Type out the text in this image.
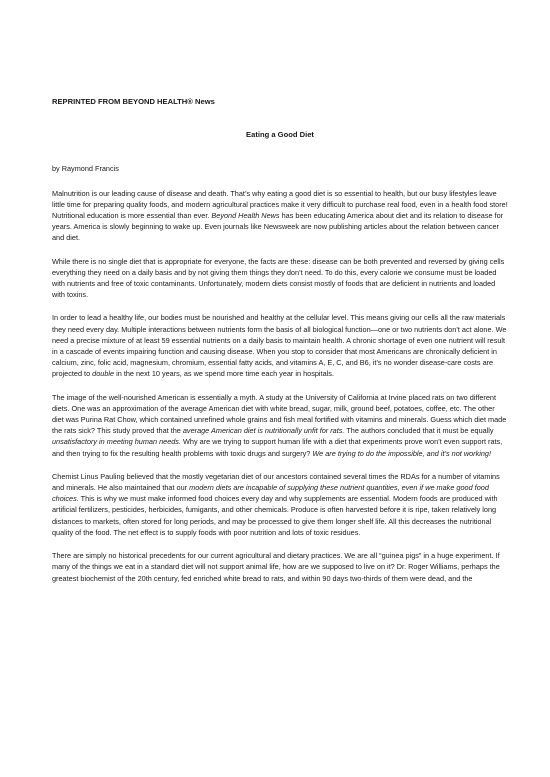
REPRINTED FROM BEYOND HEALTH® News
Eating a Good Diet
by Raymond Francis

Malnutrition is our leading cause of disease and death. That’s why eating a good diet is so essential to health, but our busy lifestyles leave little time for preparing quality foods, and modern agricultural practices make it very difficult to purchase real food, even in a health food store! Nutritional education is more essential than ever. Beyond Health News has been educating America about diet and its relation to disease for years. America is slowly beginning to wake up. Even journals like Newsweek are now publishing articles about the relation between cancer and diet.

While there is no single diet that is appropriate for everyone, the facts are these: disease can be both prevented and reversed by giving cells everything they need on a daily basis and by not giving them things they don’t need. To do this, every calorie we consume must be loaded with nutrients and free of toxic contaminants. Unfortunately, modern diets consist mostly of foods that are deficient in nutrients and loaded with toxins.

In order to lead a healthy life, our bodies must be nourished and healthy at the cellular level. This means giving our cells all the raw materials they need every day. Multiple interactions between nutrients form the basis of all biological function—one or two nutrients don’t act alone. We need a precise mixture of at least 59 essential nutrients on a daily basis to maintain health. A chronic shortage of even one nutrient will result in a cascade of events impairing function and causing disease. When you stop to consider that most Americans are chronically deficient in calcium, zinc, folic acid, magnesium, chromium, essential fatty acids, and vitamins A, E, C, and B6, it’s no wonder disease-care costs are projected to double in the next 10 years, as we spend more time each year in hospitals.

The image of the well-nourished American is essentially a myth. A study at the University of California at Irvine placed rats on two different diets. One was an approximation of the average American diet with white bread, sugar, milk, ground beef, potatoes, coffee, etc. The other diet was Purina Rat Chow, which contained unrefined whole grains and fish meal fortified with vitamins and minerals. Guess which diet made the rats sick? This study proved that the average American diet is nutritionally unfit for rats. The authors concluded that it must be equally unsatisfactory in meeting human needs. Why are we trying to support human life with a diet that experiments prove won’t even support rats, and then trying to fix the resulting health problems with toxic drugs and surgery? We are trying to do the impossible, and it’s not working!

Chemist Linus Pauling believed that the mostly vegetarian diet of our ancestors contained several times the RDAs for a number of vitamins and minerals. He also maintained that our modern diets are incapable of supplying these nutrient quantities, even if we make good food choices. This is why we must make informed food choices every day and why supplements are essential. Modern foods are produced with artificial fertilizers, pesticides, herbicides, fumigants, and other chemicals. Produce is often harvested before it is ripe, taken relatively long distances to markets, often stored for long periods, and may be processed to give them longer shelf life. All this decreases the nutritional quality of the food. The net effect is to supply foods with poor nutrition and lots of toxic residues.

There are simply no historical precedents for our current agricultural and dietary practices. We are all “guinea pigs” in a huge experiment. If many of the things we eat in a standard diet will not support animal life, how are we supposed to live on it? Dr. Roger Williams, perhaps the greatest biochemist of the 20th century, fed enriched white bread to rats, and within 90 days two-thirds of them were dead, and the
